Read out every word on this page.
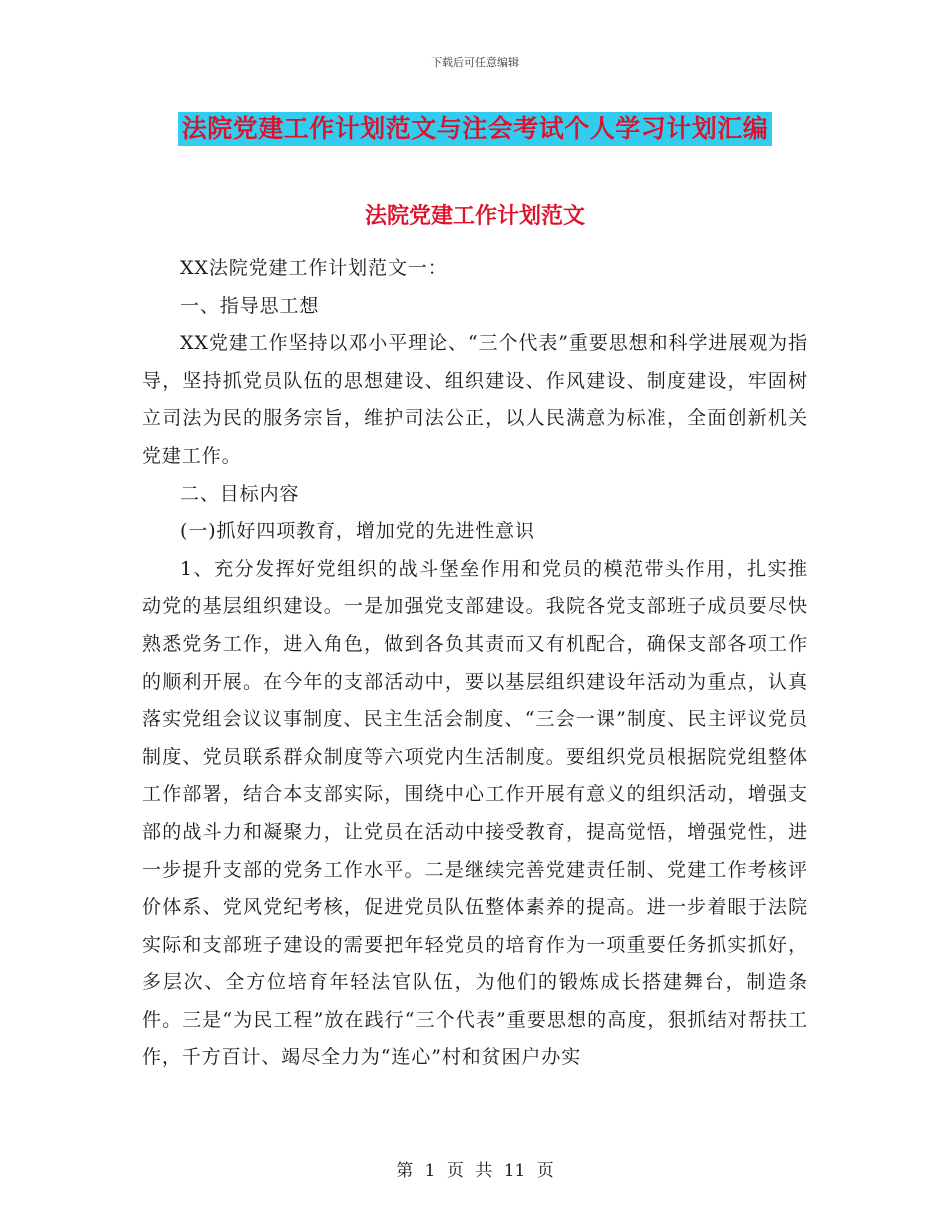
下载后可任意编辑
法院党建工作计划范文与注会考试个人学习计划汇编
法院党建工作计划范文

XX法院党建工作计划范文一：

一、指导思工想

XX党建工作坚持以邓小平理论、“三个代表”重要思想和科学进展观为指导，坚持抓党员队伍的思想建设、组织建设、作风建设、制度建设，牢固树立司法为民的服务宗旨，维护司法公正，以人民满意为标准，全面创新机关党建工作。

二、目标内容

(一)抓好四项教育，增加党的先进性意识

1、充分发挥好党组织的战斗堡垒作用和党员的模范带头作用，扎实推动党的基层组织建设。一是加强党支部建设。我院各党支部班子成员要尽快熟悉党务工作，进入角色，做到各负其责而又有机配合，确保支部各项工作的顺利开展。在今年的支部活动中，要以基层组织建设年活动为重点，认真落实党组会议议事制度、民主生活会制度、“三会一课”制度、民主评议党员制度、党员联系群众制度等六项党内生活制度。要组织党员根据院党组整体工作部署，结合本支部实际，围绕中心工作开展有意义的组织活动，增强支部的战斗力和凝聚力，让党员在活动中接受教育，提高觉悟，增强党性，进一步提升支部的党务工作水平。二是继续完善党建责任制、党建工作考核评价体系、党风党纪考核，促进党员队伍整体素养的提高。进一步着眼于法院实际和支部班子建设的需要把年轻党员的培育作为一项重要任务抓实抓好，多层次、全方位培育年轻法官队伍，为他们的锻炼成长搭建舞台，制造条件。三是“为民工程”放在践行“三个代表”重要思想的高度，狠抓结对帮扶工作，千方百计、竭尽全力为“连心”村和贫困户办实

第 1 页 共 11 页
